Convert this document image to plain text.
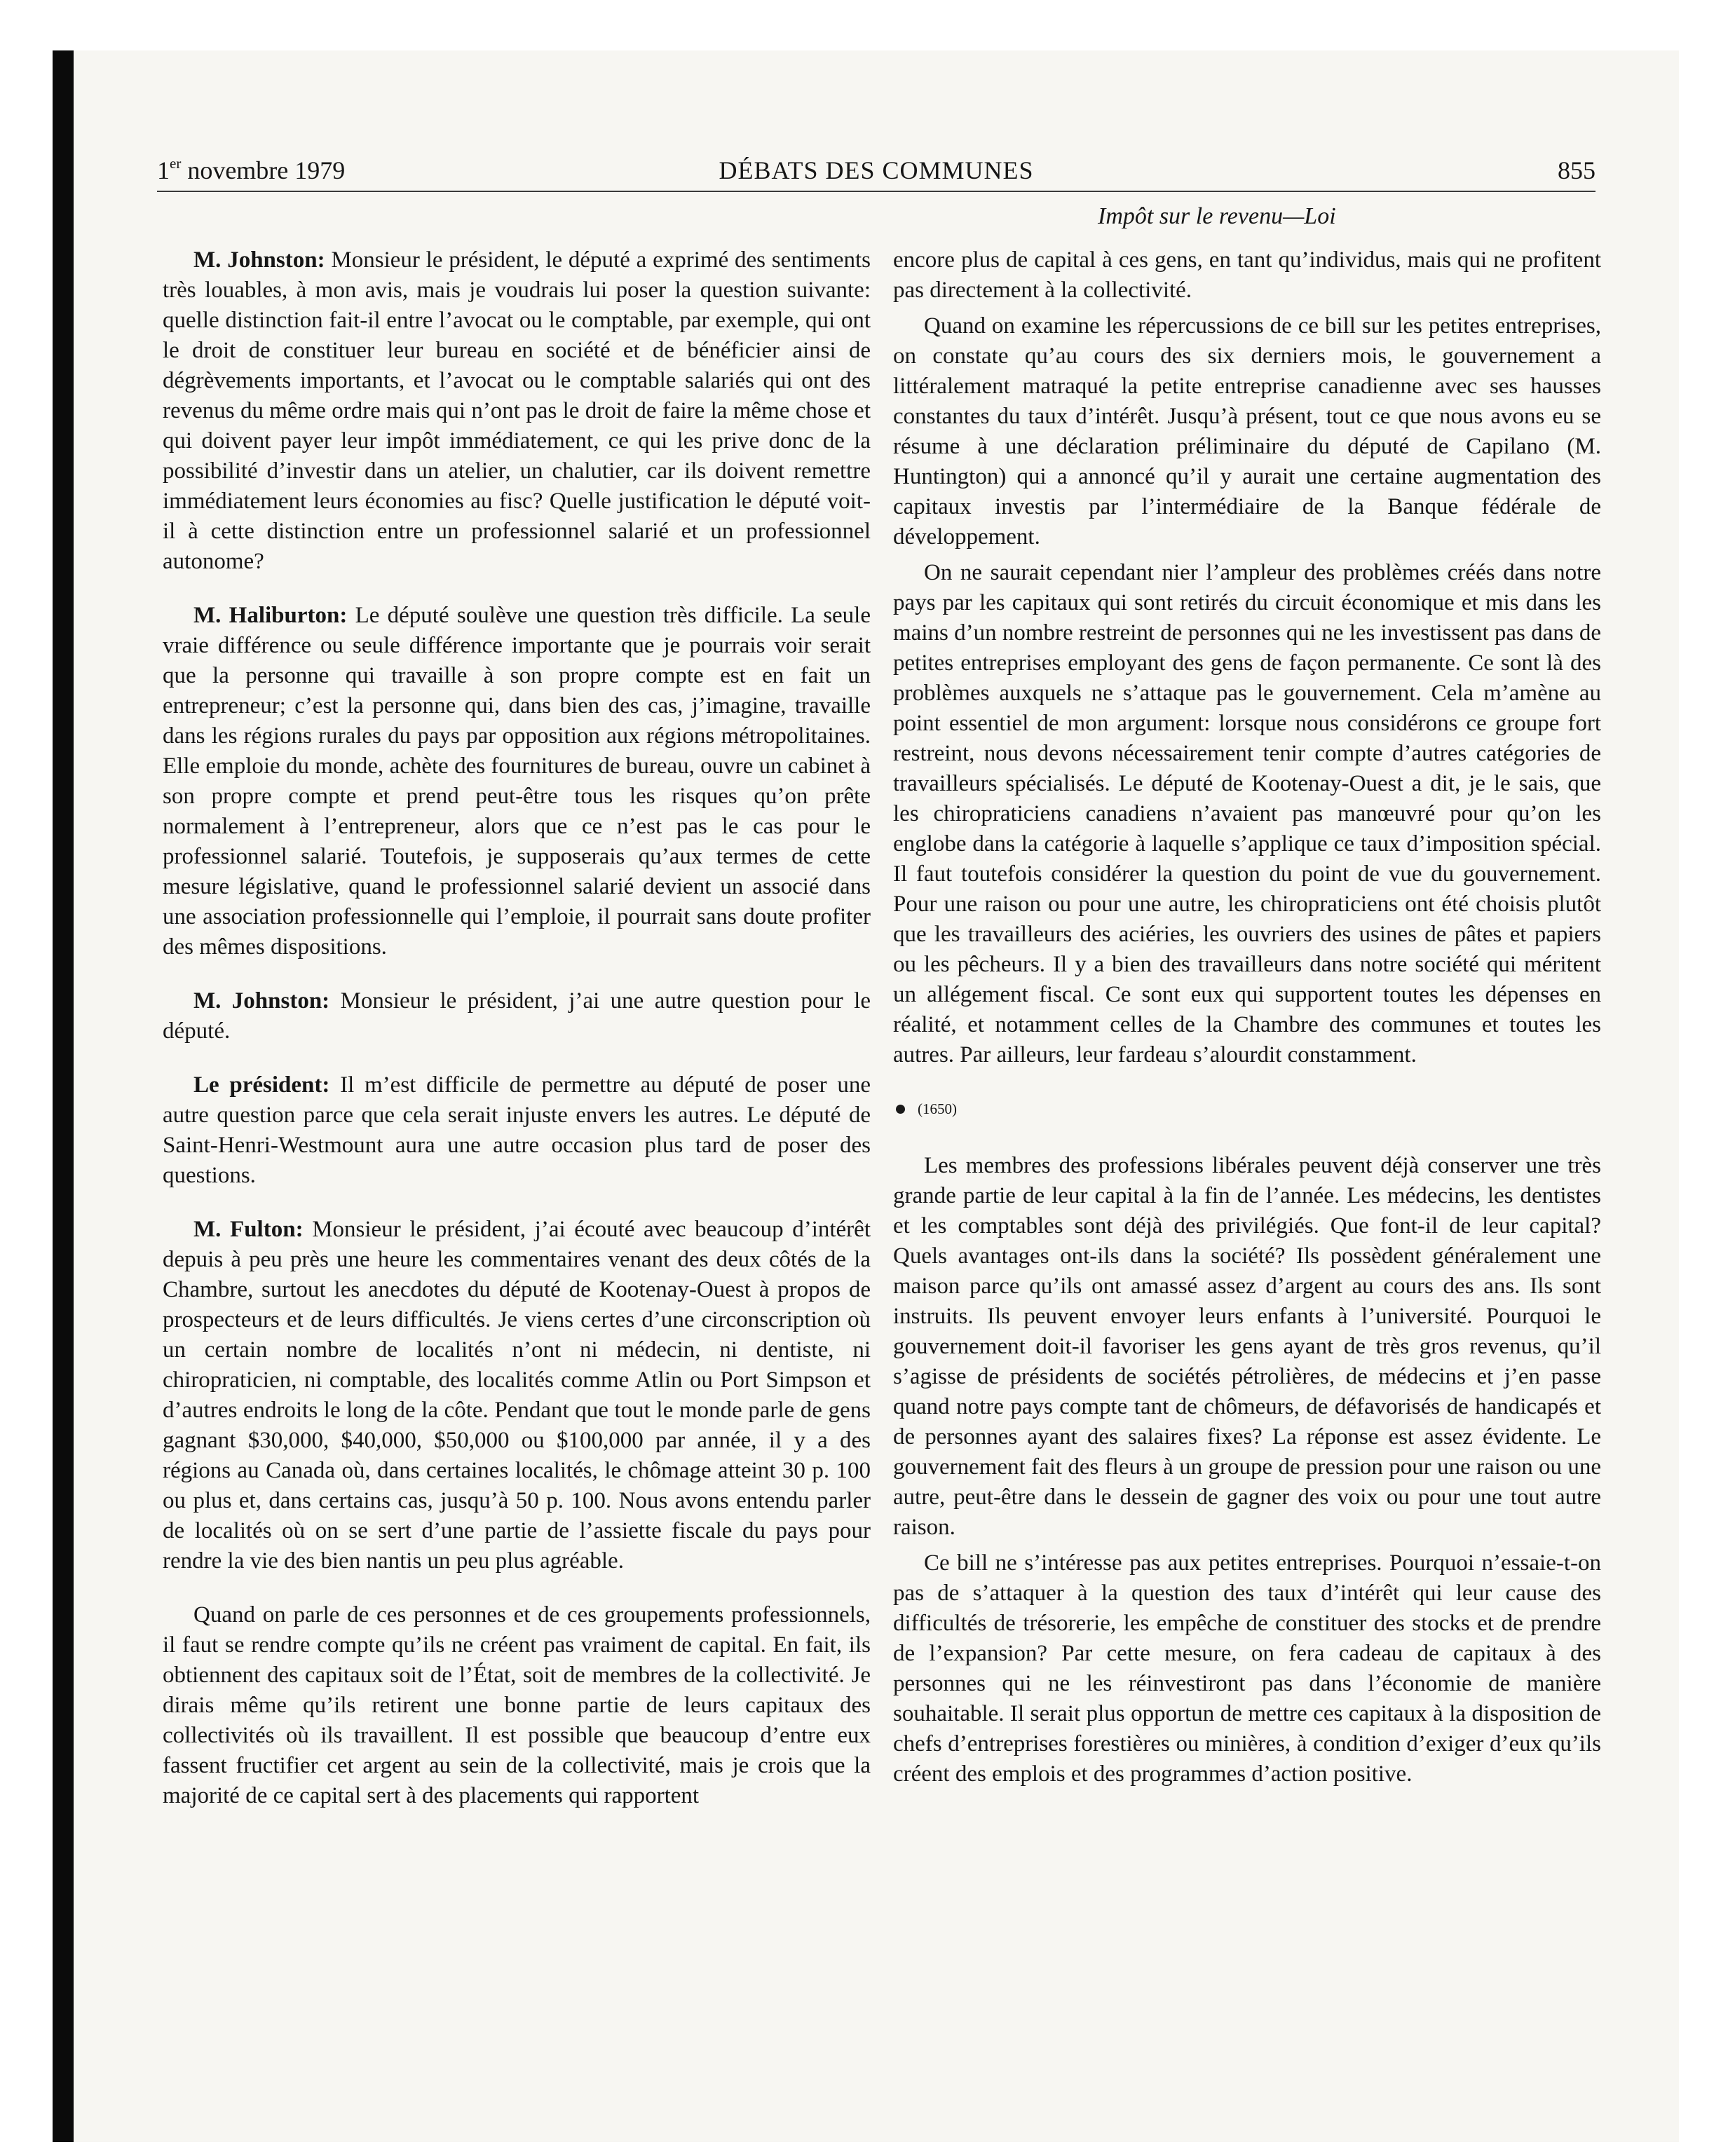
1er novembre 1979	DÉBATS DES COMMUNES	855
Impôt sur le revenu—Loi

M. Johnston: Monsieur le président, le député a exprimé des sentiments très louables, à mon avis, mais je voudrais lui poser la question suivante: quelle distinction fait-il entre l’avocat ou le comptable, par exemple, qui ont le droit de constituer leur bureau en société et de bénéficier ainsi de dégrèvements importants, et l’avocat ou le comptable salariés qui ont des revenus du même ordre mais qui n’ont pas le droit de faire la même chose et qui doivent payer leur impôt immédiatement, ce qui les prive donc de la possibilité d’investir dans un atelier, un chalutier, car ils doivent remettre immédiatement leurs économies au fisc? Quelle justification le député voit-il à cette distinction entre un professionnel salarié et un professionnel autonome?

M. Haliburton: Le député soulève une question très difficile. La seule vraie différence ou seule différence importante que je pourrais voir serait que la personne qui travaille à son propre compte est en fait un entrepreneur; c’est la personne qui, dans bien des cas, j’imagine, travaille dans les régions rurales du pays par opposition aux régions métropolitaines. Elle emploie du monde, achète des fournitures de bureau, ouvre un cabinet à son propre compte et prend peut-être tous les risques qu’on prête normalement à l’entrepreneur, alors que ce n’est pas le cas pour le professionnel salarié. Toutefois, je supposerais qu’aux termes de cette mesure législative, quand le professionnel salarié devient un associé dans une association professionnelle qui l’emploie, il pourrait sans doute profiter des mêmes dispositions.

M. Johnston: Monsieur le président, j’ai une autre question pour le député.

Le président: Il m’est difficile de permettre au député de poser une autre question parce que cela serait injuste envers les autres. Le député de Saint-Henri-Westmount aura une autre occasion plus tard de poser des questions.

M. Fulton: Monsieur le président, j’ai écouté avec beaucoup d’intérêt depuis à peu près une heure les commentaires venant des deux côtés de la Chambre, surtout les anecdotes du député de Kootenay-Ouest à propos de prospecteurs et de leurs difficultés. Je viens certes d’une circonscription où un certain nombre de localités n’ont ni médecin, ni dentiste, ni chiropraticien, ni comptable, des localités comme Atlin ou Port Simpson et d’autres endroits le long de la côte. Pendant que tout le monde parle de gens gagnant $30,000, $40,000, $50,000 ou $100,000 par année, il y a des régions au Canada où, dans certaines localités, le chômage atteint 30 p. 100 ou plus et, dans certains cas, jusqu’à 50 p. 100. Nous avons entendu parler de localités où on se sert d’une partie de l’assiette fiscale du pays pour rendre la vie des bien nantis un peu plus agréable.

Quand on parle de ces personnes et de ces groupements professionnels, il faut se rendre compte qu’ils ne créent pas vraiment de capital. En fait, ils obtiennent des capitaux soit de l’État, soit de membres de la collectivité. Je dirais même qu’ils retirent une bonne partie de leurs capitaux des collectivités où ils travaillent. Il est possible que beaucoup d’entre eux fassent fructifier cet argent au sein de la collectivité, mais je crois que la majorité de ce capital sert à des placements qui rapportent

encore plus de capital à ces gens, en tant qu’individus, mais qui ne profitent pas directement à la collectivité.

Quand on examine les répercussions de ce bill sur les petites entreprises, on constate qu’au cours des six derniers mois, le gouvernement a littéralement matraqué la petite entreprise canadienne avec ses hausses constantes du taux d’intérêt. Jusqu’à présent, tout ce que nous avons eu se résume à une déclaration préliminaire du député de Capilano (M. Huntington) qui a annoncé qu’il y aurait une certaine augmentation des capitaux investis par l’intermédiaire de la Banque fédérale de développement.

On ne saurait cependant nier l’ampleur des problèmes créés dans notre pays par les capitaux qui sont retirés du circuit économique et mis dans les mains d’un nombre restreint de personnes qui ne les investissent pas dans de petites entreprises employant des gens de façon permanente. Ce sont là des problèmes auxquels ne s’attaque pas le gouvernement. Cela m’amène au point essentiel de mon argument: lorsque nous considérons ce groupe fort restreint, nous devons nécessairement tenir compte d’autres catégories de travailleurs spécialisés. Le député de Kootenay-Ouest a dit, je le sais, que les chiropraticiens canadiens n’avaient pas manœuvré pour qu’on les englobe dans la catégorie à laquelle s’applique ce taux d’imposition spécial. Il faut toutefois considérer la question du point de vue du gouvernement. Pour une raison ou pour une autre, les chiropraticiens ont été choisis plutôt que les travailleurs des aciéries, les ouvriers des usines de pâtes et papiers ou les pêcheurs. Il y a bien des travailleurs dans notre société qui méritent un allégement fiscal. Ce sont eux qui supportent toutes les dépenses en réalité, et notamment celles de la Chambre des communes et toutes les autres. Par ailleurs, leur fardeau s’alourdit constamment.

(1650)

Les membres des professions libérales peuvent déjà conserver une très grande partie de leur capital à la fin de l’année. Les médecins, les dentistes et les comptables sont déjà des privilégiés. Que font-il de leur capital? Quels avantages ont-ils dans la société? Ils possèdent généralement une maison parce qu’ils ont amassé assez d’argent au cours des ans. Ils sont instruits. Ils peuvent envoyer leurs enfants à l’université. Pourquoi le gouvernement doit-il favoriser les gens ayant de très gros revenus, qu’il s’agisse de présidents de sociétés pétrolières, de médecins et j’en passe quand notre pays compte tant de chômeurs, de défavorisés de handicapés et de personnes ayant des salaires fixes? La réponse est assez évidente. Le gouvernement fait des fleurs à un groupe de pression pour une raison ou une autre, peut-être dans le dessein de gagner des voix ou pour une tout autre raison.

Ce bill ne s’intéresse pas aux petites entreprises. Pourquoi n’essaie-t-on pas de s’attaquer à la question des taux d’intérêt qui leur cause des difficultés de trésorerie, les empêche de constituer des stocks et de prendre de l’expansion? Par cette mesure, on fera cadeau de capitaux à des personnes qui ne les réinvestiront pas dans l’économie de manière souhaitable. Il serait plus opportun de mettre ces capitaux à la disposition de chefs d’entreprises forestières ou minières, à condition d’exiger d’eux qu’ils créent des emplois et des programmes d’action positive.
